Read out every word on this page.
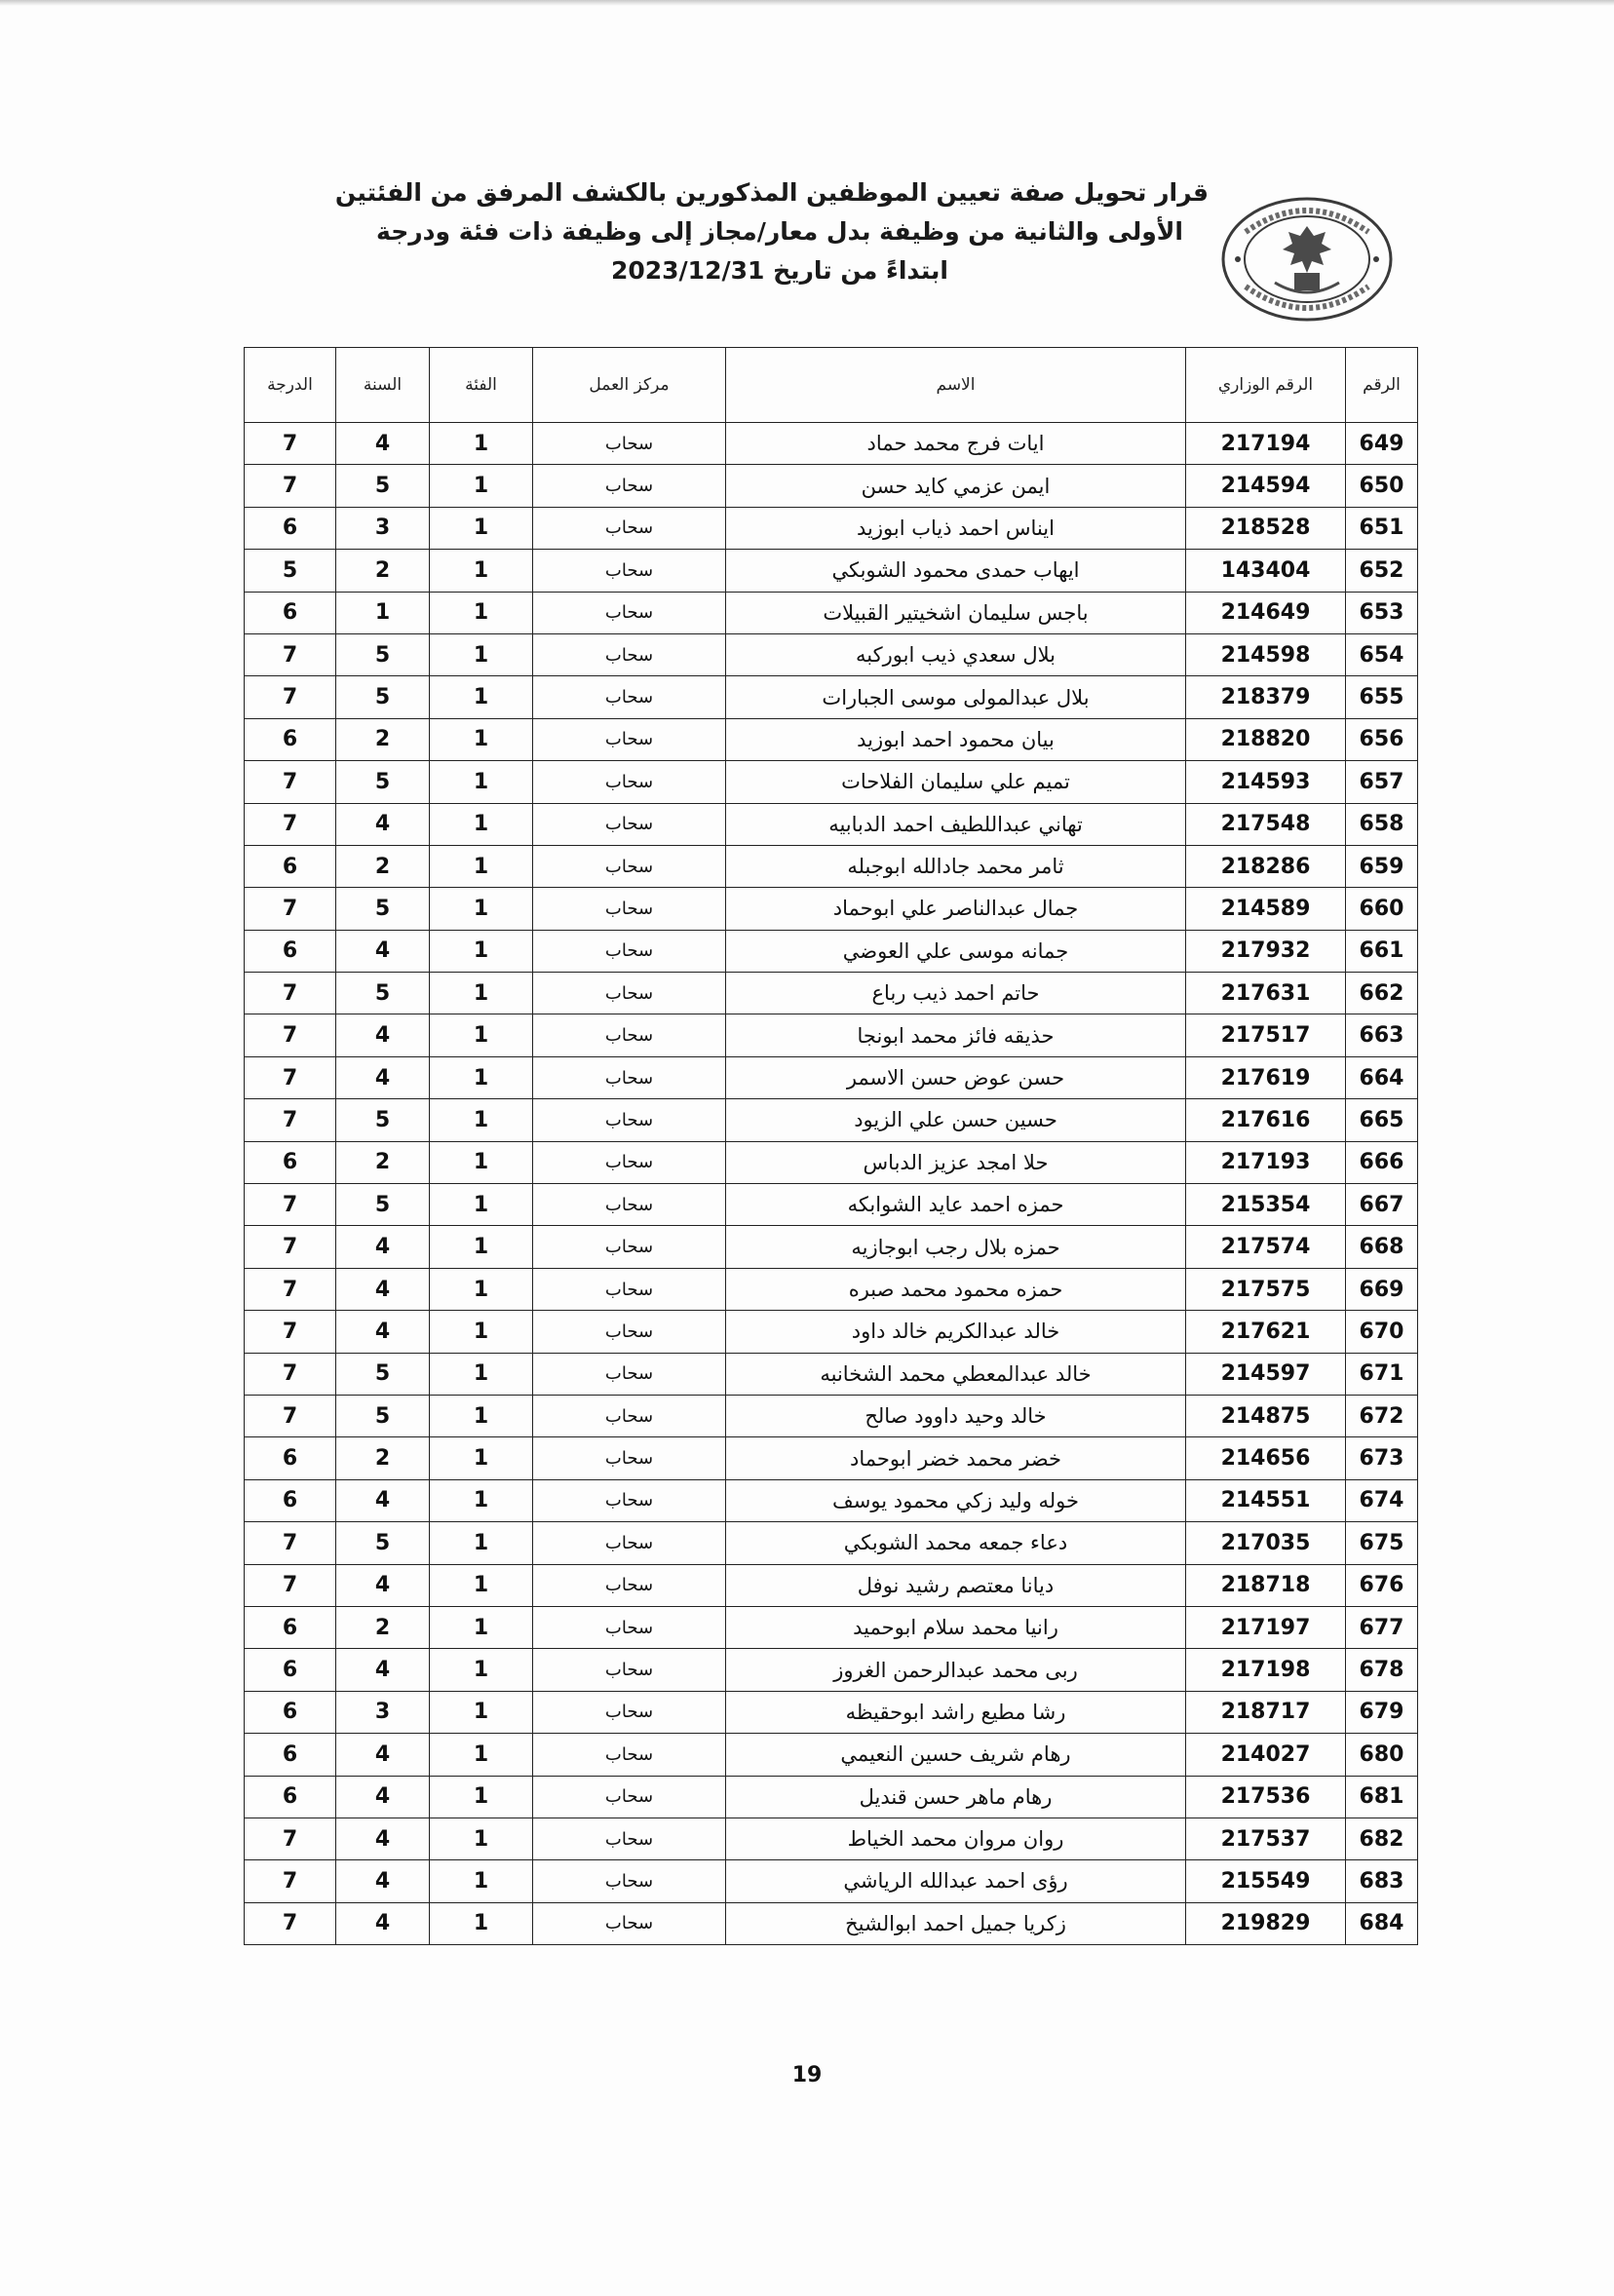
قرار تحويل صفة تعيين الموظفين المذكورين بالكشف المرفق من الفئتين
الأولى والثانية من وظيفة بدل معار/مجاز إلى وظيفة ذات فئة ودرجة
ابتداءً من تاريخ 2023/12/31
الرقم	الرقم الوزاري	الاسم	مركز العمل	الفئة	السنة	الدرجة
649	217194	ايات فرج محمد حماد	سحاب	1	4	7
650	214594	ايمن عزمي كايد حسن	سحاب	1	5	7
651	218528	ايناس احمد ذياب ابوزيد	سحاب	1	3	6
652	143404	ايهاب حمدى محمود الشوبكي	سحاب	1	2	5
653	214649	باجس سليمان اشخيتير القبيلات	سحاب	1	1	6
654	214598	بلال سعدي ذيب ابوركبه	سحاب	1	5	7
655	218379	بلال عبدالمولى موسى الجبارات	سحاب	1	5	7
656	218820	بيان محمود احمد ابوزيد	سحاب	1	2	6
657	214593	تميم علي سليمان الفلاحات	سحاب	1	5	7
658	217548	تهاني عبداللطيف احمد الدبابيه	سحاب	1	4	7
659	218286	ثامر محمد جادالله ابوجبله	سحاب	1	2	6
660	214589	جمال عبدالناصر علي ابوحماد	سحاب	1	5	7
661	217932	جمانه موسى علي العوضي	سحاب	1	4	6
662	217631	حاتم احمد ذيب رباع	سحاب	1	5	7
663	217517	حذيقه فائز محمد ابونجا	سحاب	1	4	7
664	217619	حسن عوض حسن الاسمر	سحاب	1	4	7
665	217616	حسين حسن علي الزيود	سحاب	1	5	7
666	217193	حلا امجد عزيز الدباس	سحاب	1	2	6
667	215354	حمزه احمد عايد الشوابكه	سحاب	1	5	7
668	217574	حمزه بلال رجب ابوجازيه	سحاب	1	4	7
669	217575	حمزه محمود محمد صبره	سحاب	1	4	7
670	217621	خالد عبدالكريم خالد داود	سحاب	1	4	7
671	214597	خالد عبدالمعطي محمد الشخانبه	سحاب	1	5	7
672	214875	خالد وحيد داوود صالح	سحاب	1	5	7
673	214656	خضر محمد خضر ابوحماد	سحاب	1	2	6
674	214551	خوله وليد زكي محمود يوسف	سحاب	1	4	6
675	217035	دعاء جمعه محمد الشوبكي	سحاب	1	5	7
676	218718	ديانا معتصم رشيد نوفل	سحاب	1	4	7
677	217197	رانيا محمد سلام ابوحميد	سحاب	1	2	6
678	217198	ربى محمد عبدالرحمن الغروز	سحاب	1	4	6
679	218717	رشا مطيع راشد ابوحقيظه	سحاب	1	3	6
680	214027	رهام شريف حسين النعيمي	سحاب	1	4	6
681	217536	رهام ماهر حسن قنديل	سحاب	1	4	6
682	217537	روان مروان محمد الخياط	سحاب	1	4	7
683	215549	رؤى احمد عبدالله الرياشي	سحاب	1	4	7
684	219829	زكريا جميل احمد ابوالشيخ	سحاب	1	4	7
19
